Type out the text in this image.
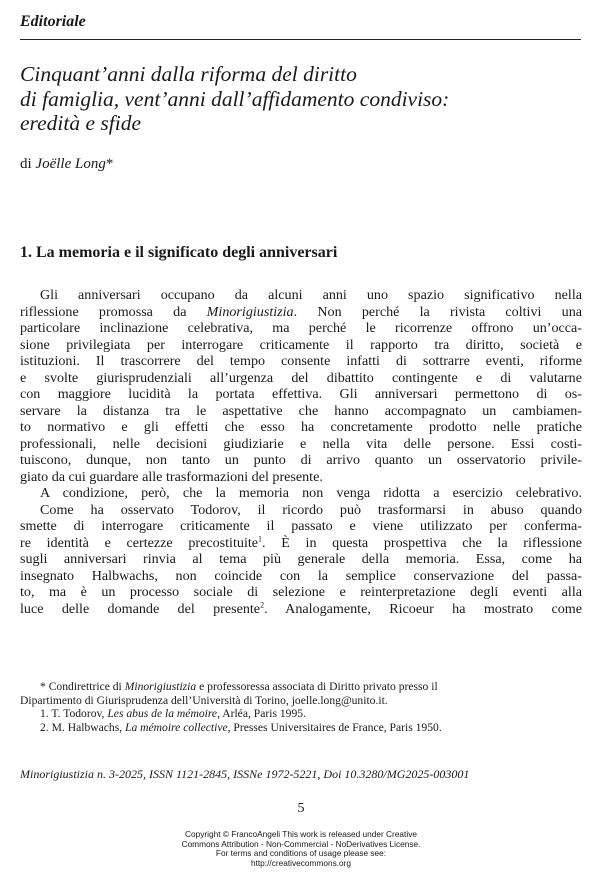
Editoriale
Cinquant’anni dalla riforma del diritto
di famiglia, vent’anni dall’affidamento condiviso:
eredità e sfide
di Joëlle Long*
1. La memoria e il significato degli anniversari
Gli anniversari occupano da alcuni anni uno spazio significativo nella
riflessione promossa da Minorigiustizia. Non perché la rivista coltivi una
particolare inclinazione celebrativa, ma perché le ricorrenze offrono un’occa-
sione privilegiata per interrogare criticamente il rapporto tra diritto, società e
istituzioni. Il trascorrere del tempo consente infatti di sottrarre eventi, riforme
e svolte giurisprudenziali all’urgenza del dibattito contingente e di valutarne
con maggiore lucidità la portata effettiva. Gli anniversari permettono di os-
servare la distanza tra le aspettative che hanno accompagnato un cambiamen-
to normativo e gli effetti che esso ha concretamente prodotto nelle pratiche
professionali, nelle decisioni giudiziarie e nella vita delle persone. Essi costi-
tuiscono, dunque, non tanto un punto di arrivo quanto un osservatorio privile-
giato da cui guardare alle trasformazioni del presente.
A condizione, però, che la memoria non venga ridotta a esercizio celebrativo.
Come ha osservato Todorov, il ricordo può trasformarsi in abuso quando
smette di interrogare criticamente il passato e viene utilizzato per conferma-
re identità e certezze precostituite$^1$. È in questa prospettiva che la riflessione
sugli anniversari rinvia al tema più generale della memoria. Essa, come ha
insegnato Halbwachs, non coincide con la semplice conservazione del passa-
to, ma è un processo sociale di selezione e reinterpretazione degli eventi alla
luce delle domande del presente$^2$. Analogamente, Ricoeur ha mostrato come
* Condirettrice di Minorigiustizia e professoressa associata di Diritto privato presso il
Dipartimento di Giurisprudenza dell’Università di Torino, joelle.long@unito.it.
1. T. Todorov, Les abus de la mémoire, Arléa, Paris 1995.
2. M. Halbwachs, La mémoire collective, Presses Universitaires de France, Paris 1950.
Minorigiustizia n. 3-2025, ISSN 1121-2845, ISSNe 1972-5221, Doi 10.3280/MG2025-003001
5
Copyright © FrancoAngeli This work is released under Creative
Commons Attribution - Non-Commercial - NoDerivatives License.
For terms and conditions of usage please see:
http://creativecommons.org
